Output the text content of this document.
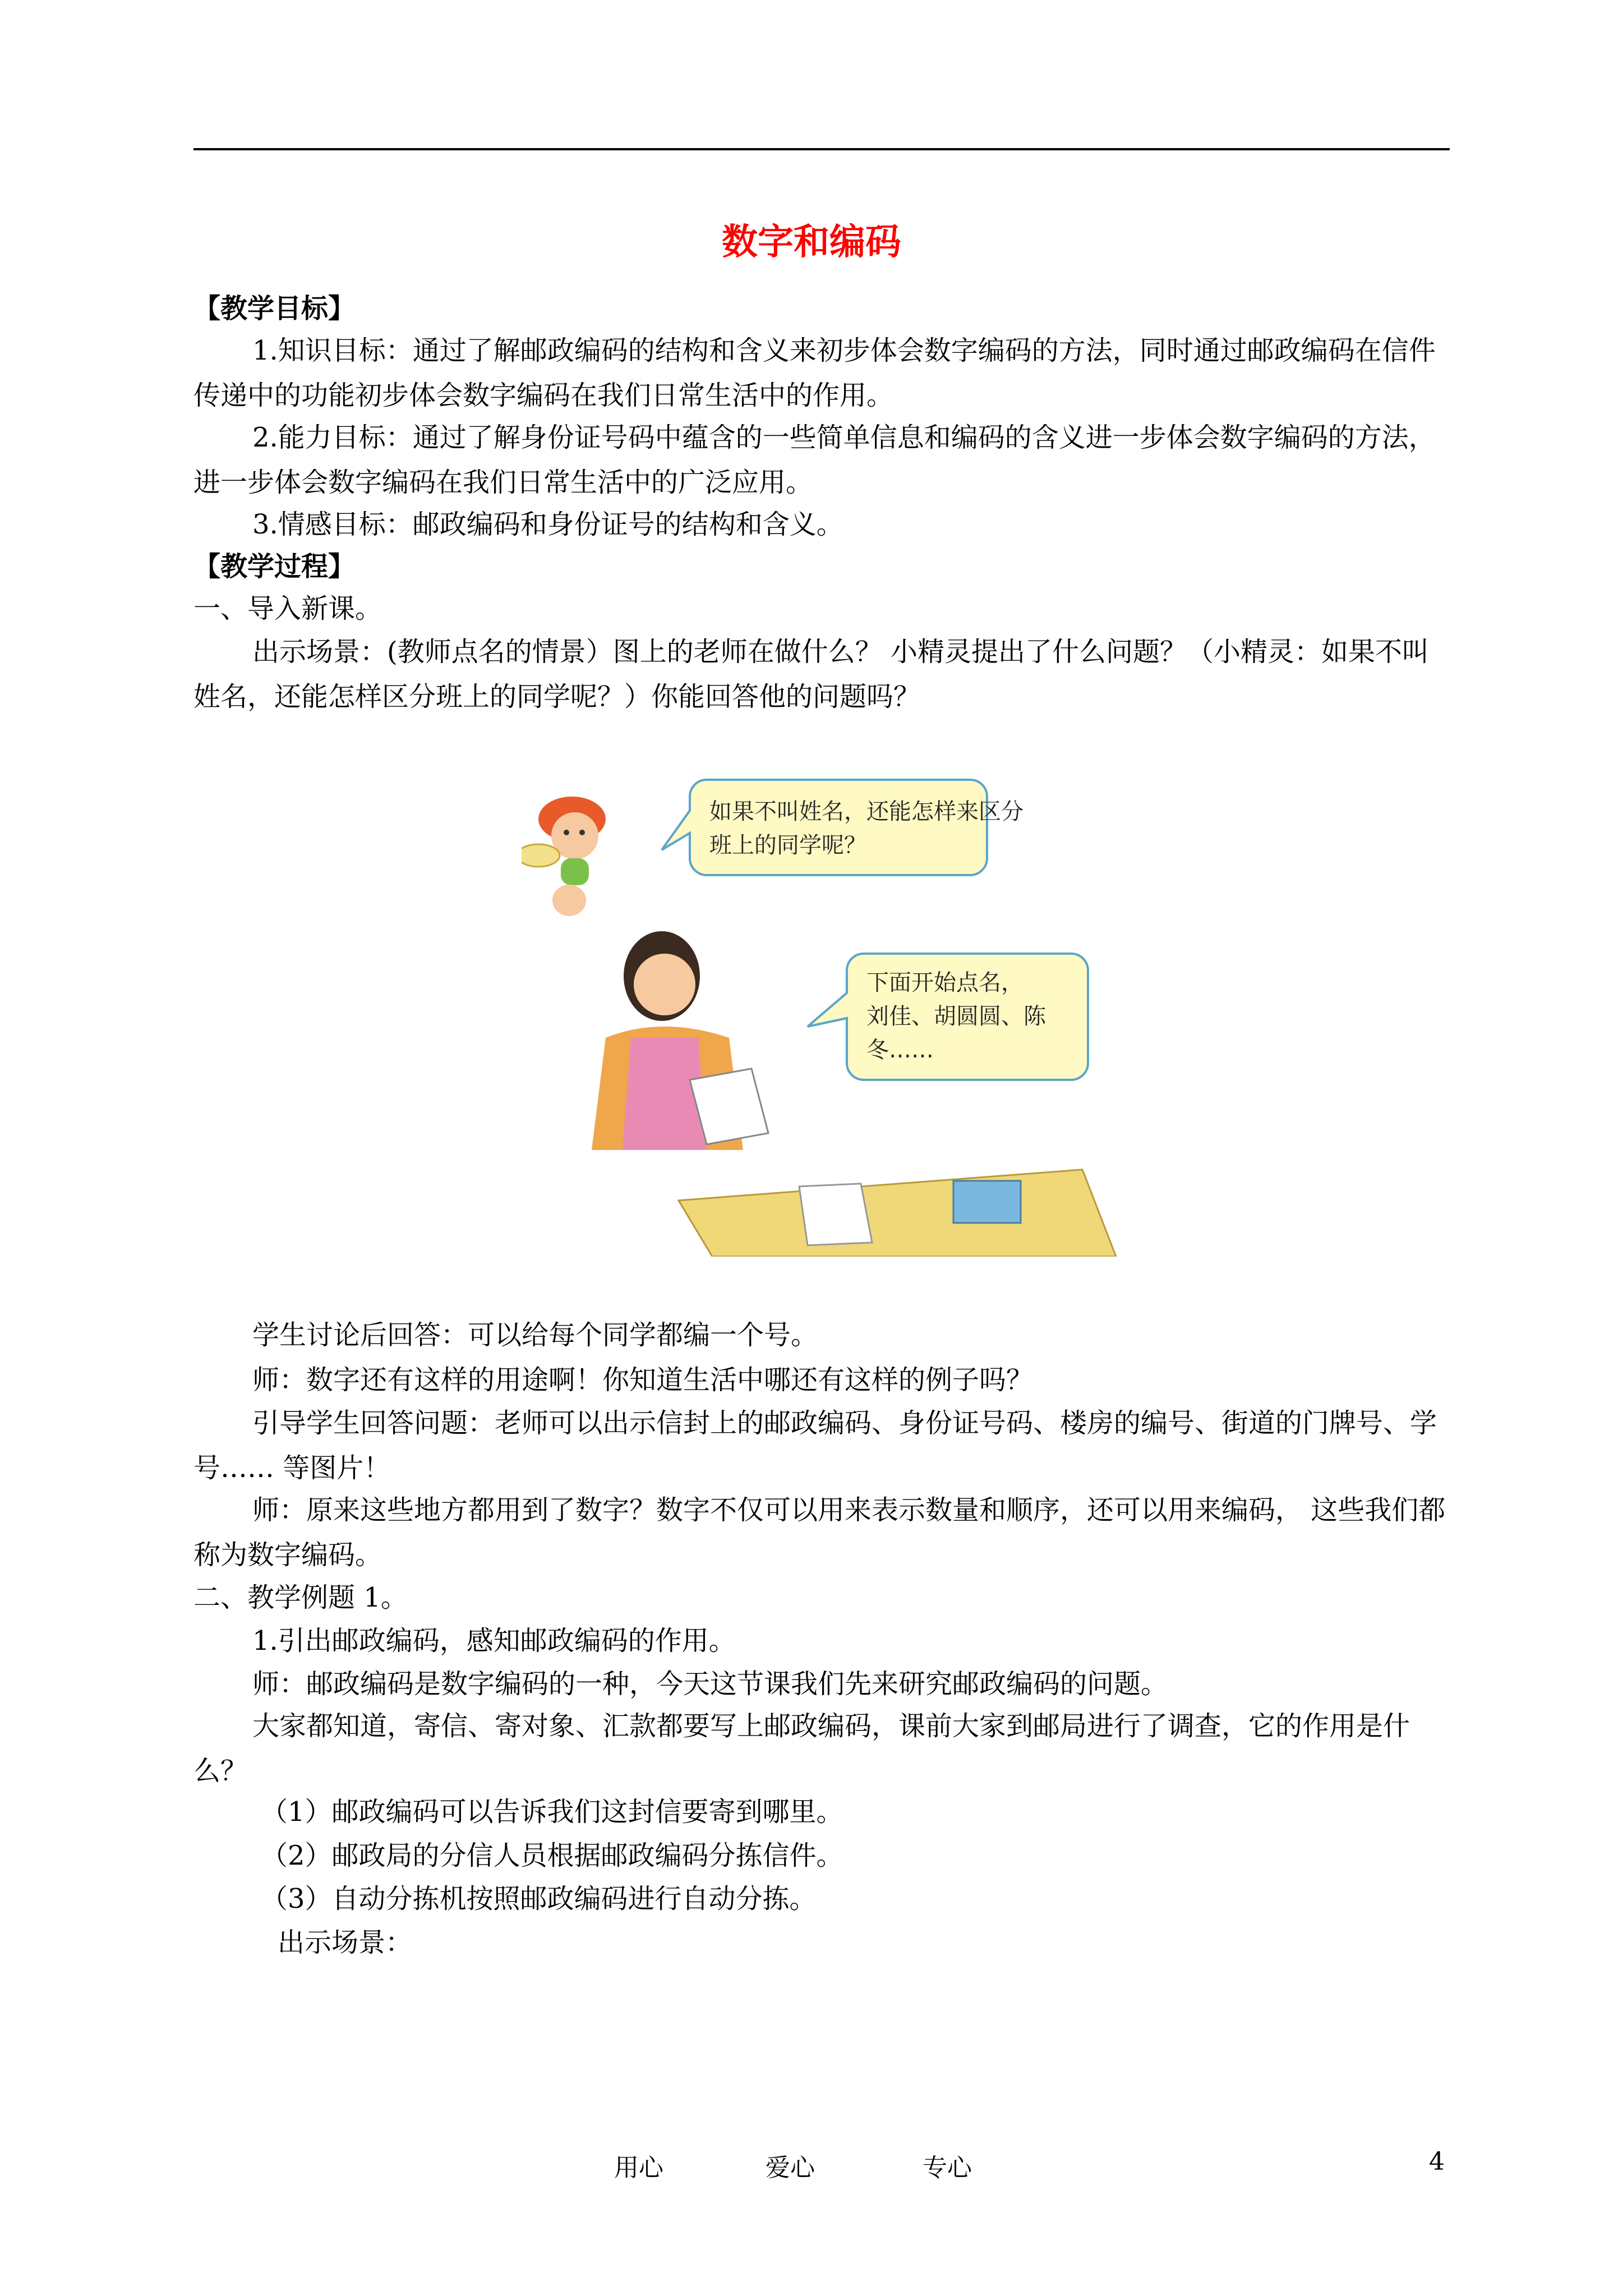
数字和编码

【教学目标】

1.知识目标：通过了解邮政编码的结构和含义来初步体会数字编码的方法，同时通过邮政编码在信件传递中的功能初步体会数字编码在我们日常生活中的作用。

2.能力目标：通过了解身份证号码中蕴含的一些简单信息和编码的含义进一步体会数字编码的方法，进一步体会数字编码在我们日常生活中的广泛应用。

3.情感目标：邮政编码和身份证号的结构和含义。

【教学过程】

一、导入新课。

出示场景：(教师点名的情景）图上的老师在做什么？ 小精灵提出了什么问题？（小精灵：如果不叫姓名，还能怎样区分班上的同学呢？）你能回答他的问题吗？

如果不叫姓名，还能怎样来区分
班上的同学呢？
下面开始点名，
刘佳、胡圆圆、陈
冬……

学生讨论后回答：可以给每个同学都编一个号。

师：数字还有这样的用途啊！你知道生活中哪还有这样的例子吗？

引导学生回答问题：老师可以出示信封上的邮政编码、身份证号码、楼房的编号、街道的门牌号、学号…… 等图片！

师：原来这些地方都用到了数字？数字不仅可以用来表示数量和顺序，还可以用来编码， 这些我们都称为数字编码。

二、教学例题 1。

1.引出邮政编码，感知邮政编码的作用。

师：邮政编码是数字编码的一种，今天这节课我们先来研究邮政编码的问题。

大家都知道，寄信、寄对象、汇款都要写上邮政编码，课前大家到邮局进行了调查，它的作用是什么？

（1）邮政编码可以告诉我们这封信要寄到哪里。

（2）邮政局的分信人员根据邮政编码分拣信件。

（3）自动分拣机按照邮政编码进行自动分拣。

出示场景：

用心	爱心	专心	4
